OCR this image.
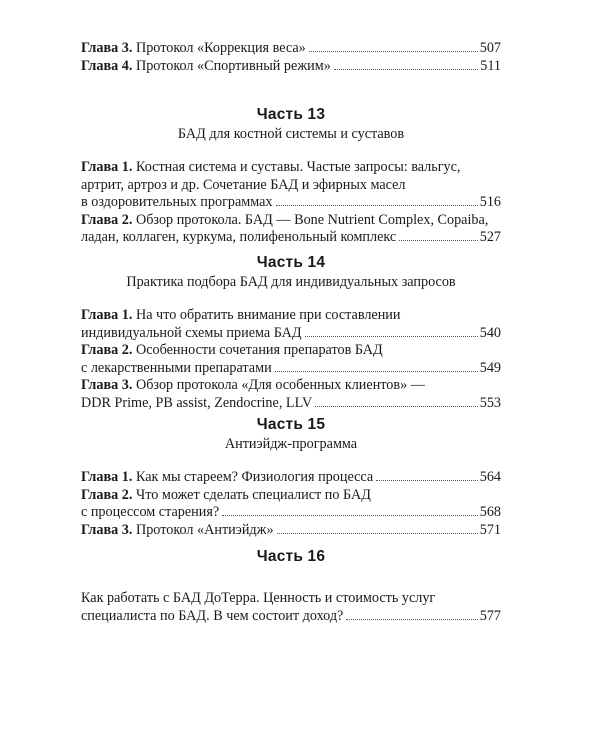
Глава 3. Протокол «Коррекция веса»	507
Глава 4. Протокол «Спортивный режим»	511

Часть 13

БАД для костной системы и суставов

Глава 1. Костная система и суставы. Частые запросы: вальгус,
артрит, артроз и др. Сочетание БАД и эфирных масел
в оздоровительных программах	516
Глава 2. Обзор протокола. БАД — Bone Nutrient Complex, Copaiba,
ладан, коллаген, куркума, полифенольный комплекс	527

Часть 14

Практика подбора БАД для индивидуальных запросов

Глава 1. На что обратить внимание при составлении
индивидуальной схемы приема БАД	540
Глава 2. Особенности сочетания препаратов БАД
с лекарственными препаратами	549
Глава 3. Обзор протокола «Для особенных клиентов» —
DDR Prime, PB assist, Zendocrine, LLV	553

Часть 15

Антиэйдж-программа

Глава 1. Как мы стареем? Физиология процесса	564
Глава 2. Что может сделать специалист по БАД
с процессом старения?	568
Глава 3. Протокол «Антиэйдж»	571

Часть 16

Как работать с БАД ДоТерра. Ценность и стоимость услуг
специалиста по БАД. В чем состоит доход?	577
